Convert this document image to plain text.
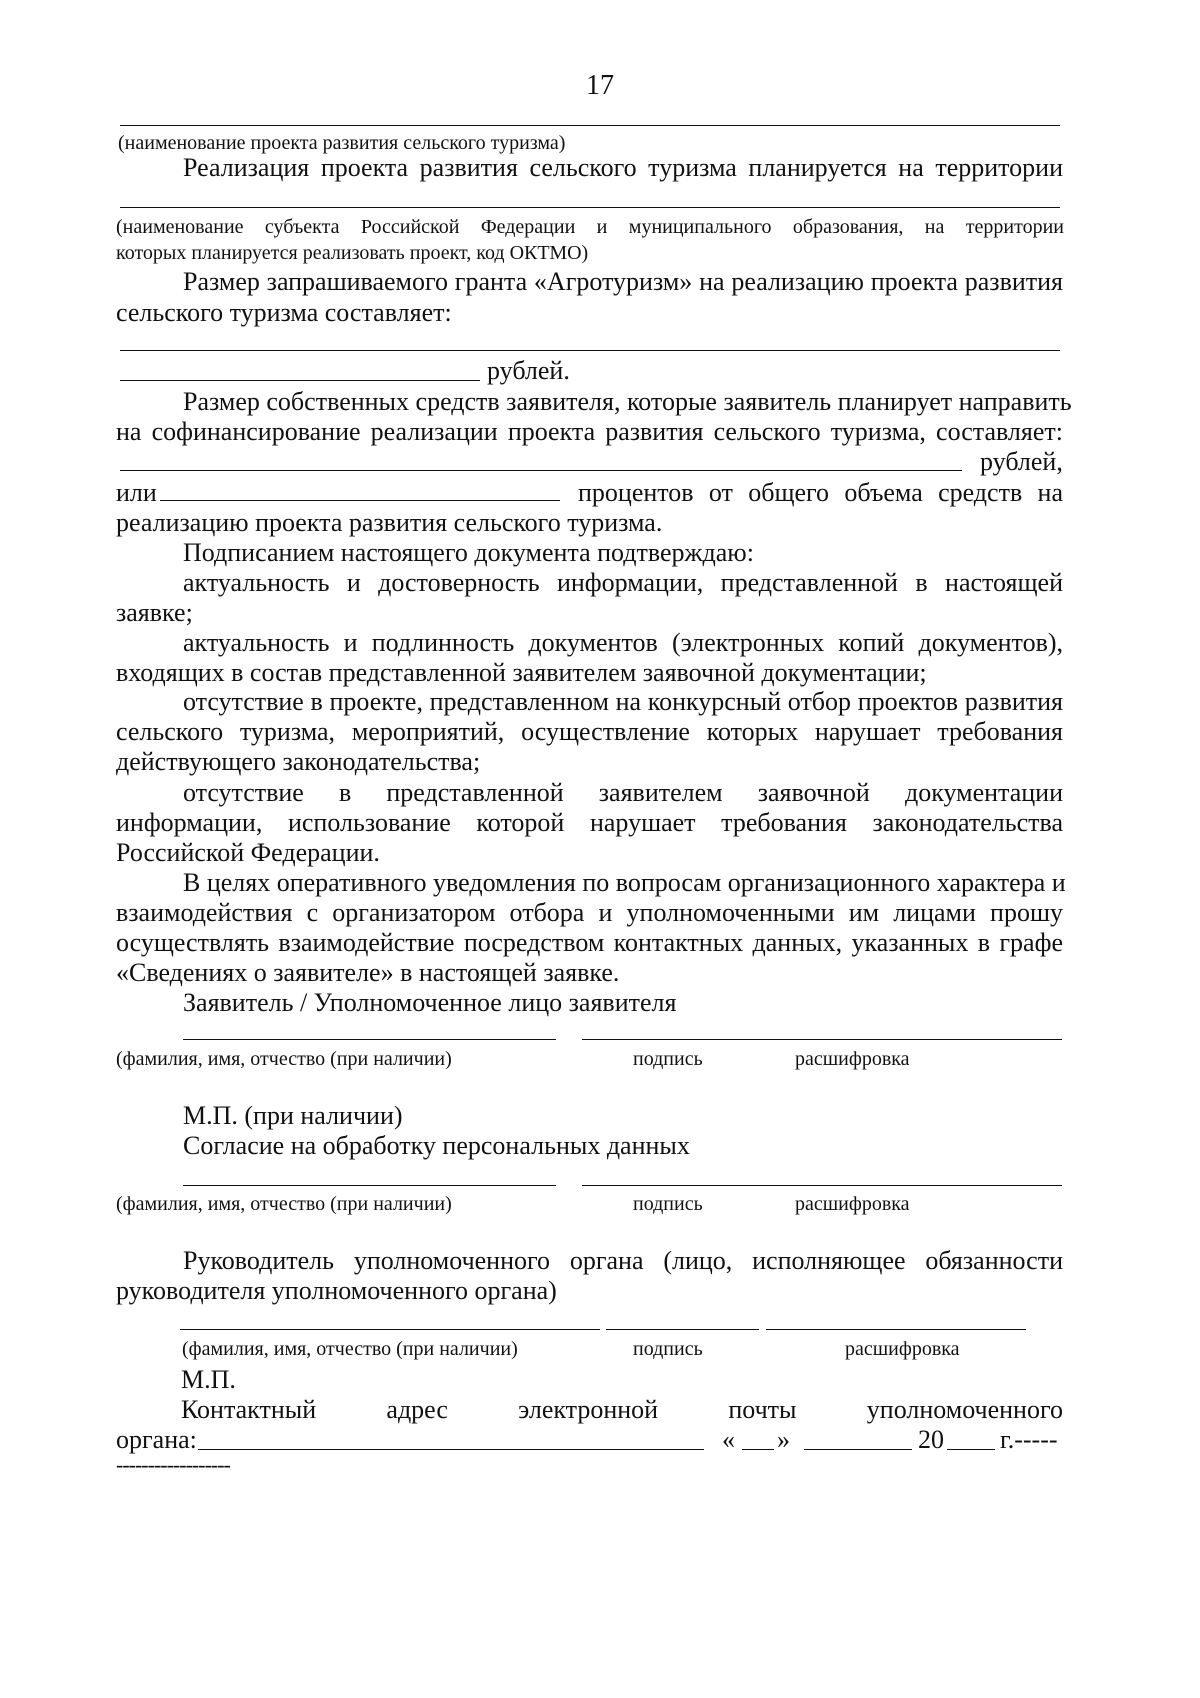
17
(наименование проекта развития сельского туризма)
Реализация проекта развития сельского туризма планируется на территории
(наименование субъекта Российской Федерации и муниципального образования, на территории
которых планируется реализовать проект, код ОКТМО)
Размер запрашиваемого гранта «Агротуризм» на реализацию проекта развития
сельского туризма составляет:
рублей.
Размер собственных средств заявителя, которые заявитель планирует направить
на софинансирование реализации проекта развития сельского туризма, составляет:
рублей,
или	процентов от общего объема средств на
реализацию проекта развития сельского туризма.
Подписанием настоящего документа подтверждаю:
актуальность и достоверность информации, представленной в настоящей
заявке;
актуальность и подлинность документов (электронных копий документов),
входящих в состав представленной заявителем заявочной документации;
отсутствие в проекте, представленном на конкурсный отбор проектов развития
сельского туризма, мероприятий, осуществление которых нарушает требования
действующего законодательства;
отсутствие в представленной заявителем заявочной документации
информации, использование которой нарушает требования законодательства
Российской Федерации.
В целях оперативного уведомления по вопросам организационного характера и
взаимодействия с организатором отбора и уполномоченными им лицами прошу
осуществлять взаимодействие посредством контактных данных, указанных в графе
«Сведениях о заявителе» в настоящей заявке.
Заявитель / Уполномоченное лицо заявителя
(фамилия, имя, отчество (при наличии)	подпись	расшифровка
М.П. (при наличии)
Согласие на обработку персональных данных
(фамилия, имя, отчество (при наличии)	подпись	расшифровка
Руководитель уполномоченного органа (лицо, исполняющее обязанности
руководителя уполномоченного органа)
(фамилия, имя, отчество (при наличии)	подпись	расшифровка
М.П.
Контактный адрес электронной почты уполномоченного
органа:	« »	20 г.-----
------------------
